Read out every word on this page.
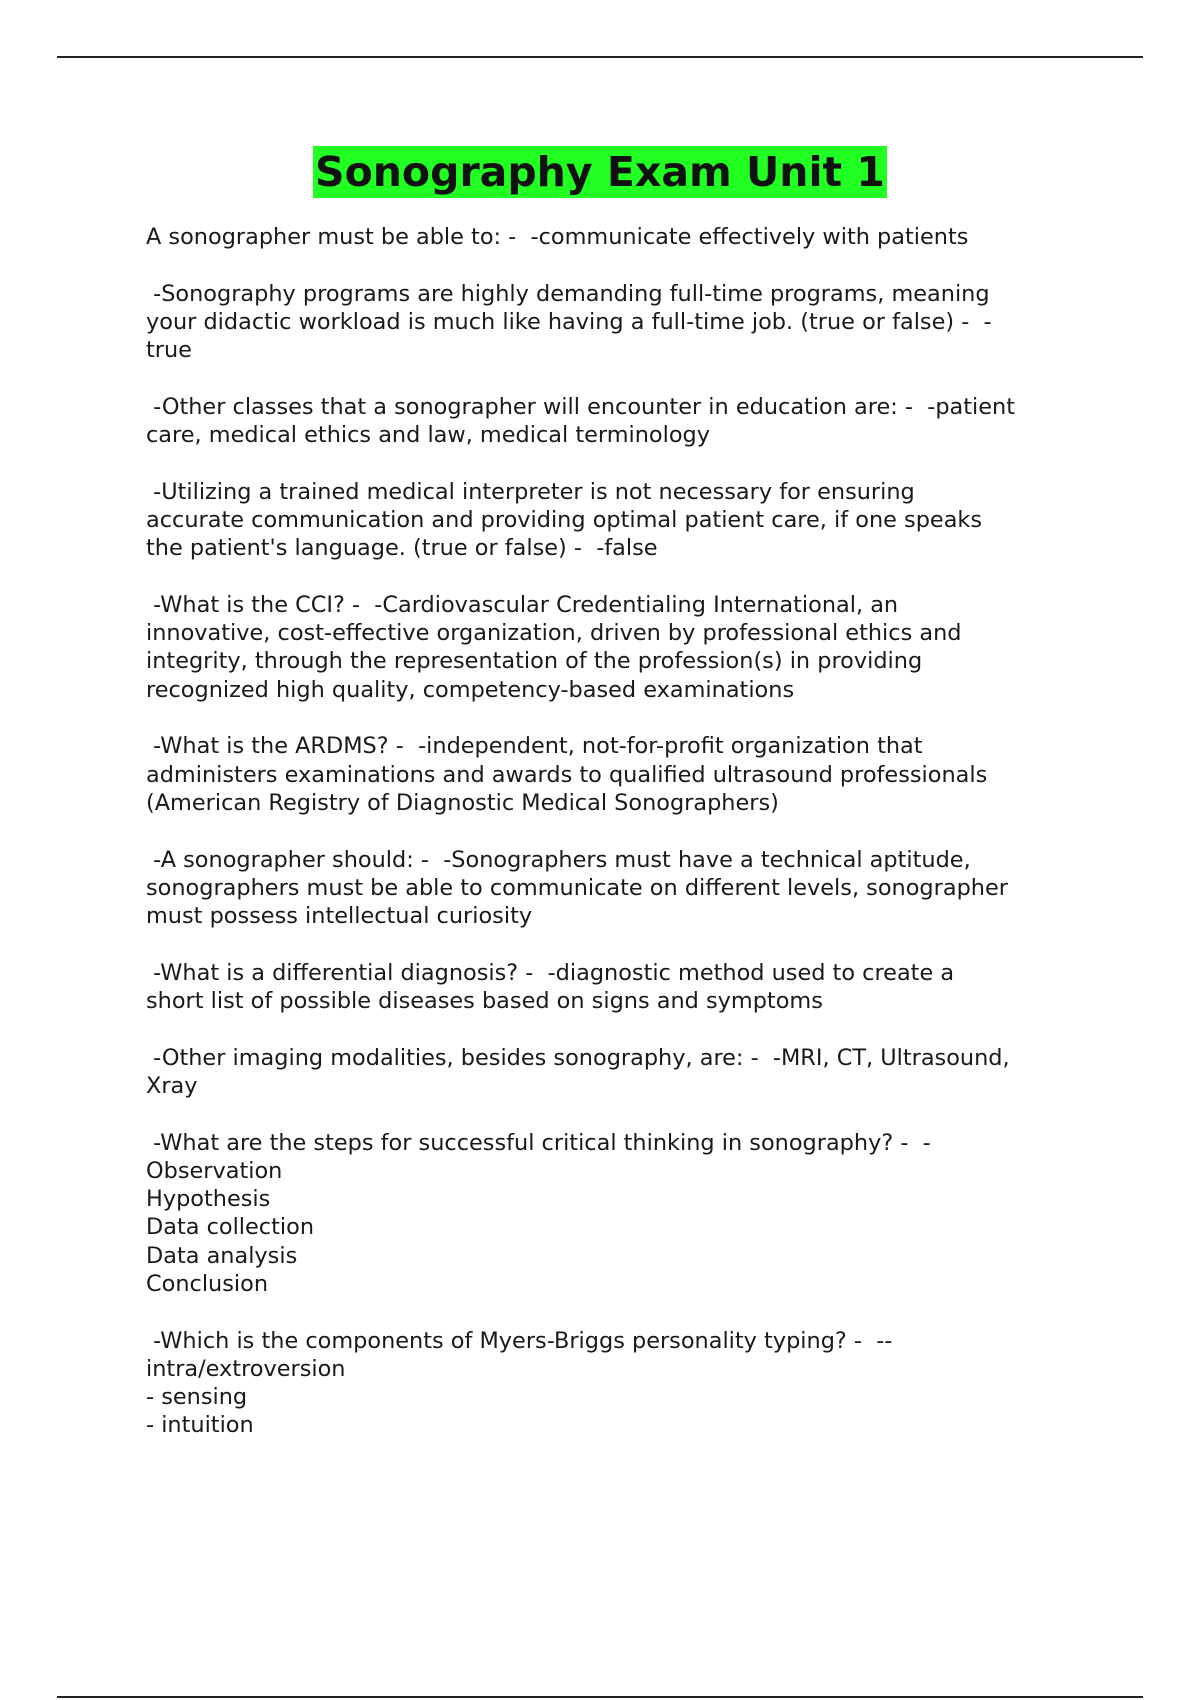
Sonography Exam Unit 1
A sonographer must be able to: -  -communicate effectively with patients
-Sonography programs are highly demanding full-time programs, meaning
your didactic workload is much like having a full-time job. (true or false) -  -
true
-Other classes that a sonographer will encounter in education are: -  -patient
care, medical ethics and law, medical terminology
-Utilizing a trained medical interpreter is not necessary for ensuring
accurate communication and providing optimal patient care, if one speaks
the patient's language. (true or false) -  -false
-What is the CCI? -  -Cardiovascular Credentialing International, an
innovative, cost-effective organization, driven by professional ethics and
integrity, through the representation of the profession(s) in providing
recognized high quality, competency-based examinations
-What is the ARDMS? -  -independent, not-for-profit organization that
administers examinations and awards to qualified ultrasound professionals
(American Registry of Diagnostic Medical Sonographers)
-A sonographer should: -  -Sonographers must have a technical aptitude,
sonographers must be able to communicate on different levels, sonographer
must possess intellectual curiosity
-What is a differential diagnosis? -  -diagnostic method used to create a
short list of possible diseases based on signs and symptoms
-Other imaging modalities, besides sonography, are: -  -MRI, CT, Ultrasound,
Xray
-What are the steps for successful critical thinking in sonography? -  -
Observation
Hypothesis
Data collection
Data analysis
Conclusion
-Which is the components of Myers-Briggs personality typing? -  --
intra/extroversion
- sensing
- intuition
